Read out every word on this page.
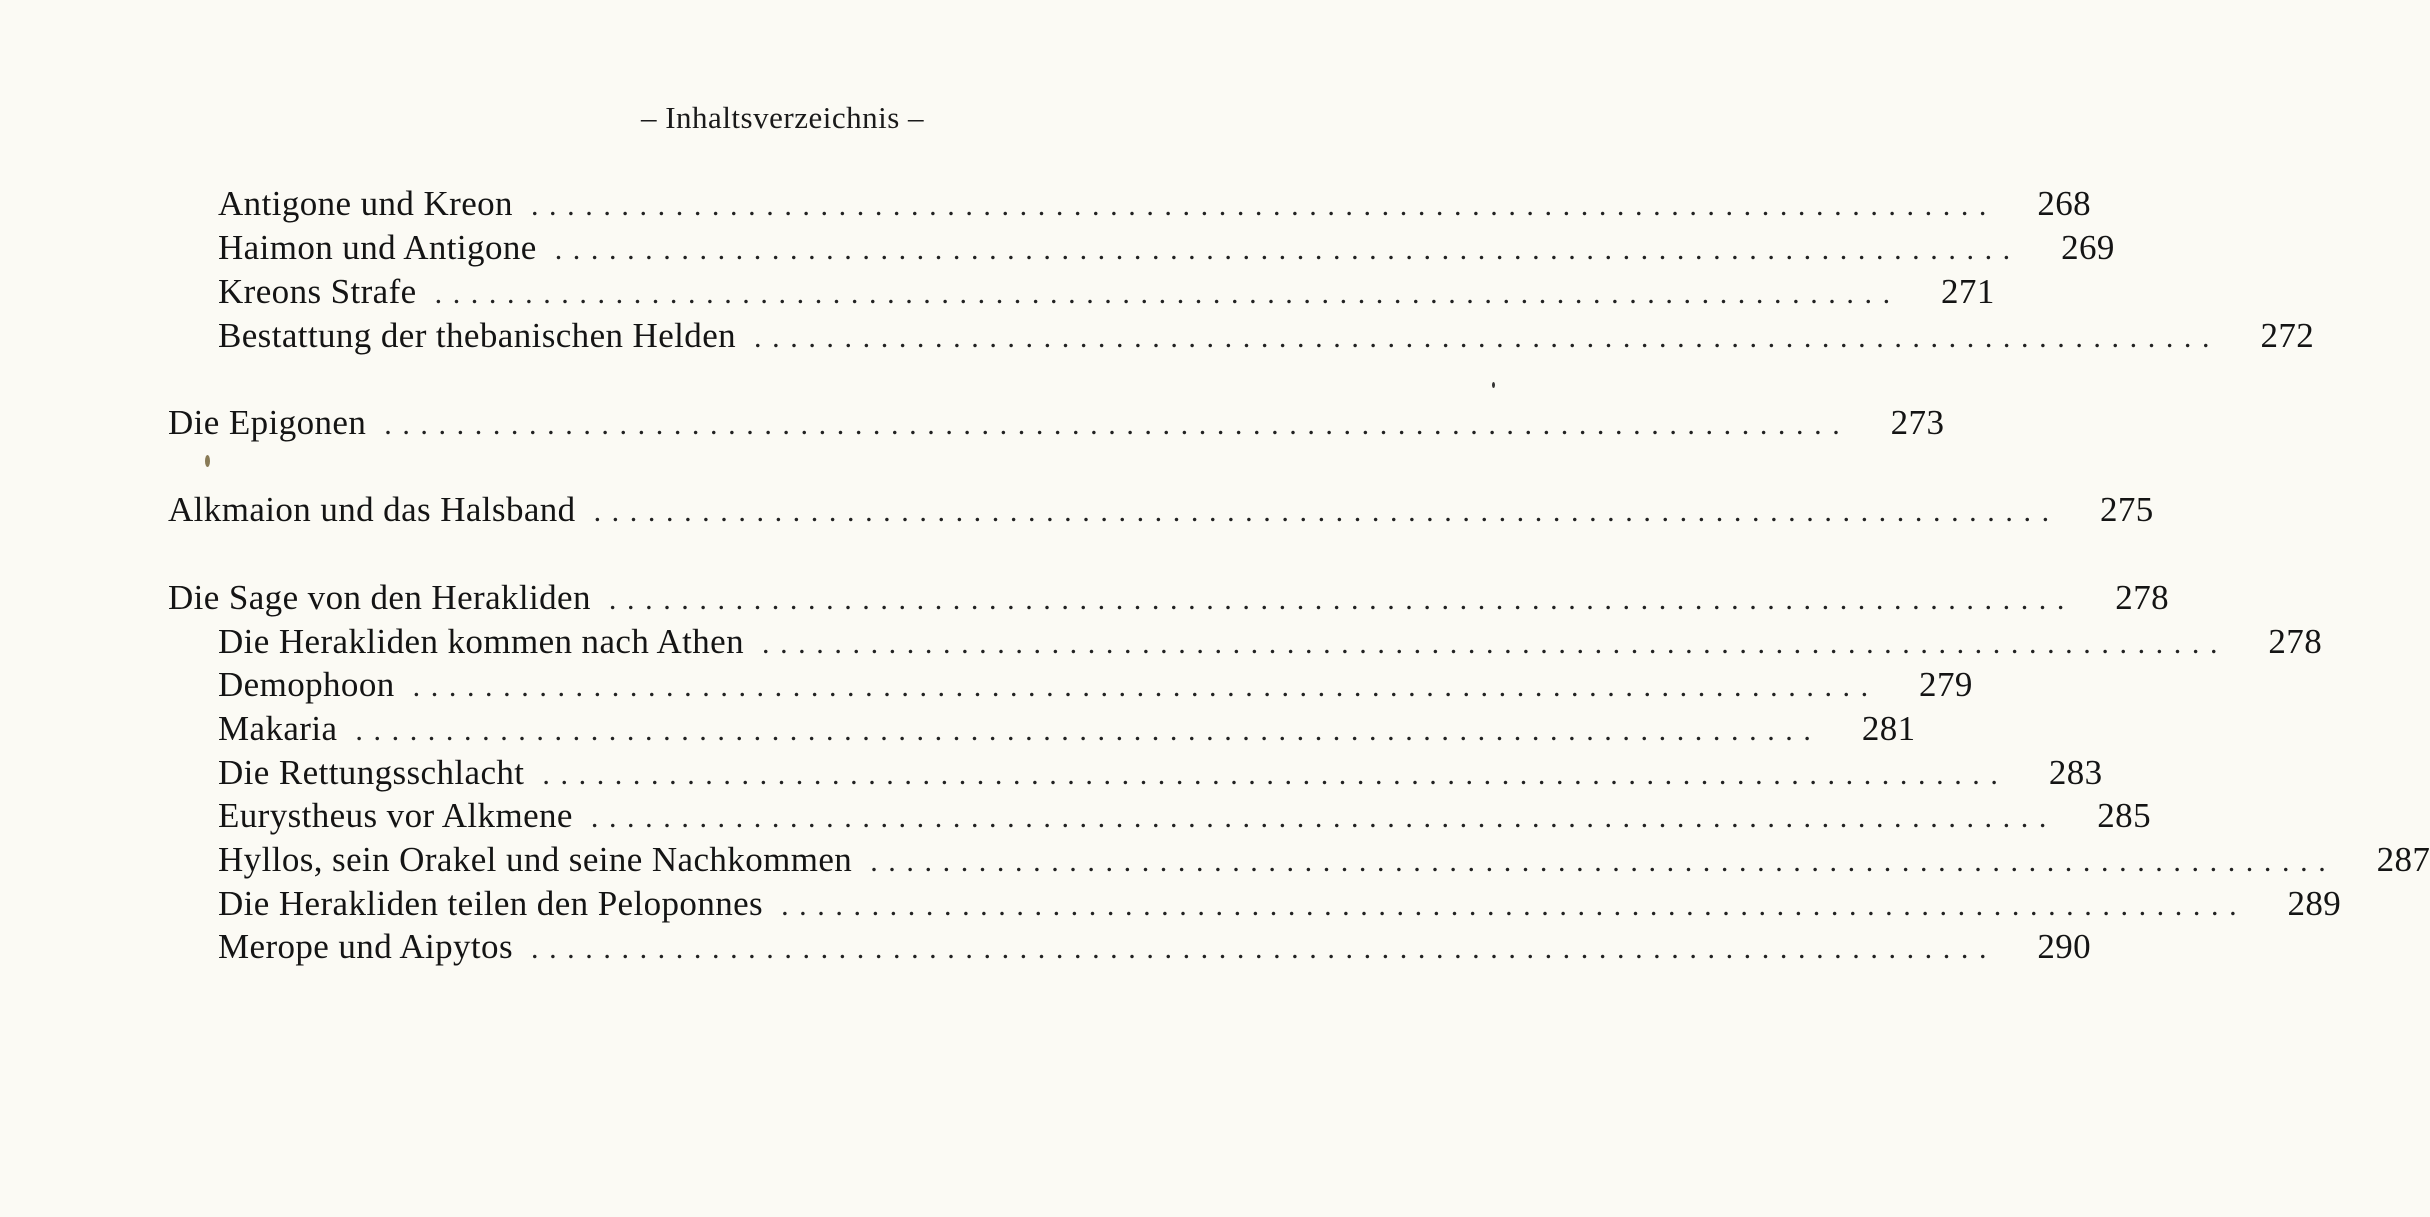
– Inhaltsverzeichnis –
Antigone und Kreon ................................................................................. 268
Haimon und Antigone ................................................................................. 269
Kreons Strafe ................................................................................. 271
Bestattung der thebanischen Helden ................................................................................. 272
Die Epigonen ................................................................................. 273
Alkmaion und das Halsband ................................................................................. 275
Die Sage von den Herakliden ................................................................................. 278
Die Herakliden kommen nach Athen ................................................................................. 278
Demophoon ................................................................................. 279
Makaria ................................................................................. 281
Die Rettungsschlacht ................................................................................. 283
Eurystheus vor Alkmene ................................................................................. 285
Hyllos, sein Orakel und seine Nachkommen ................................................................................. 287
Die Herakliden teilen den Peloponnes ................................................................................. 289
Merope und Aipytos ................................................................................. 290
